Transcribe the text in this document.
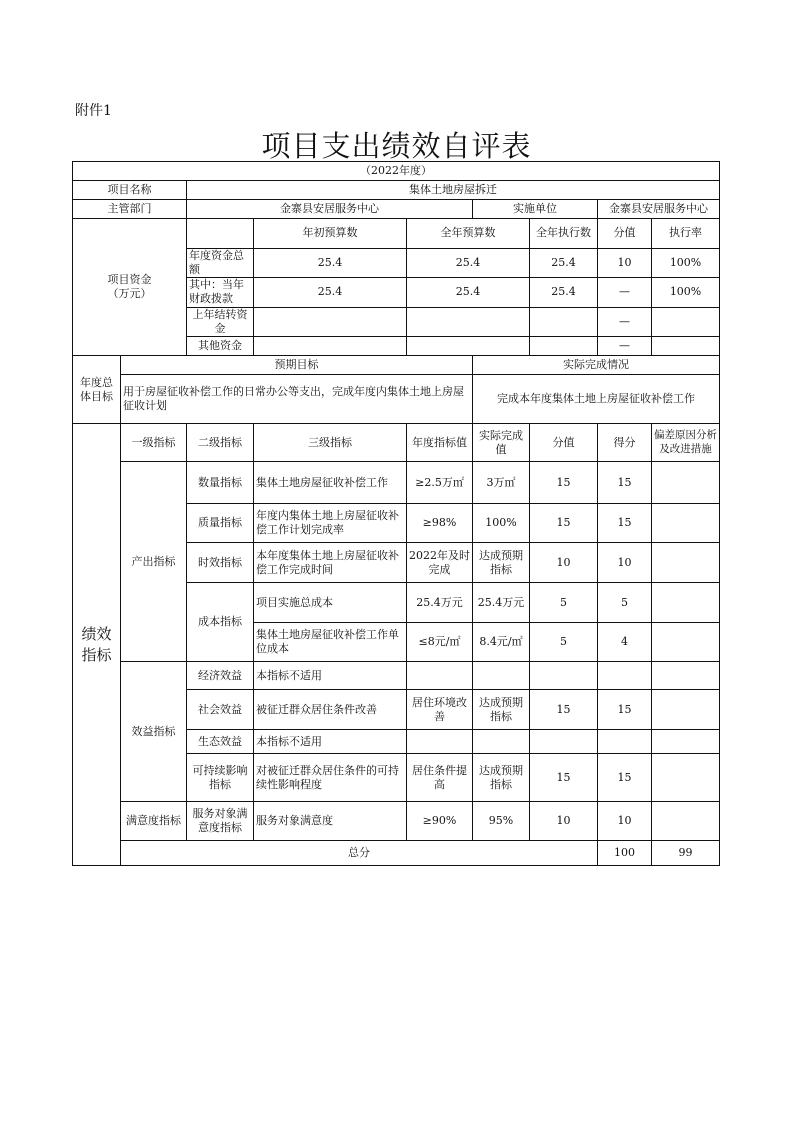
附件1
项目支出绩效自评表
（2022年度）									
项目名称		集体土地房屋拆迁							
主管部门		金寨县安居服务中心			实施单位		金寨县安居服务中心		

项目资金
（万元）			年初预算数	全年预算数		全年执行数	分值	执行率	
		年度资金总额	25.4	25.4		25.4	10	100%	
		其中：当年财政拨款	25.4	25.4		25.4	—	100%	
		上年结转资金					—		
		其他资金					—		
年度总体目标	预期目标				实际完成情况				
	用于房屋征收补偿工作的日常办公等支出，完成年度内集体土地上房屋征收计划				完成本年度集体土地上房屋征收补偿工作				
绩效指标	一级指标	二级指标	三级指标	年度指标值	实际完成值	分值	得分	偏差原因分析及改进措施	
	产出指标	数量指标	集体土地房屋征收补偿工作	≥2.5万㎡	3万㎡	15	15		
		质量指标	年度内集体土地上房屋征收补偿工作计划完成率	≥98%	100%	15	15		
		时效指标	本年度集体土地上房屋征收补偿工作完成时间	2022年及时完成	达成预期指标	10	10		
		成本指标	项目实施总成本	25.4万元	25.4万元	5	5		
			集体土地房屋征收补偿工作单位成本	≤8元/㎡	8.4元/㎡	5	4		
	效益指标	经济效益	本指标不适用						
		社会效益	被征迁群众居住条件改善	居住环境改善	达成预期指标	15	15		
		生态效益	本指标不适用						
		可持续影响指标	对被征迁群众居住条件的可持续性影响程度	居住条件提高	达成预期指标	15	15		
	满意度指标	服务对象满意度指标	服务对象满意度	≥90%	95%	10	10		
	总分						100	99	
